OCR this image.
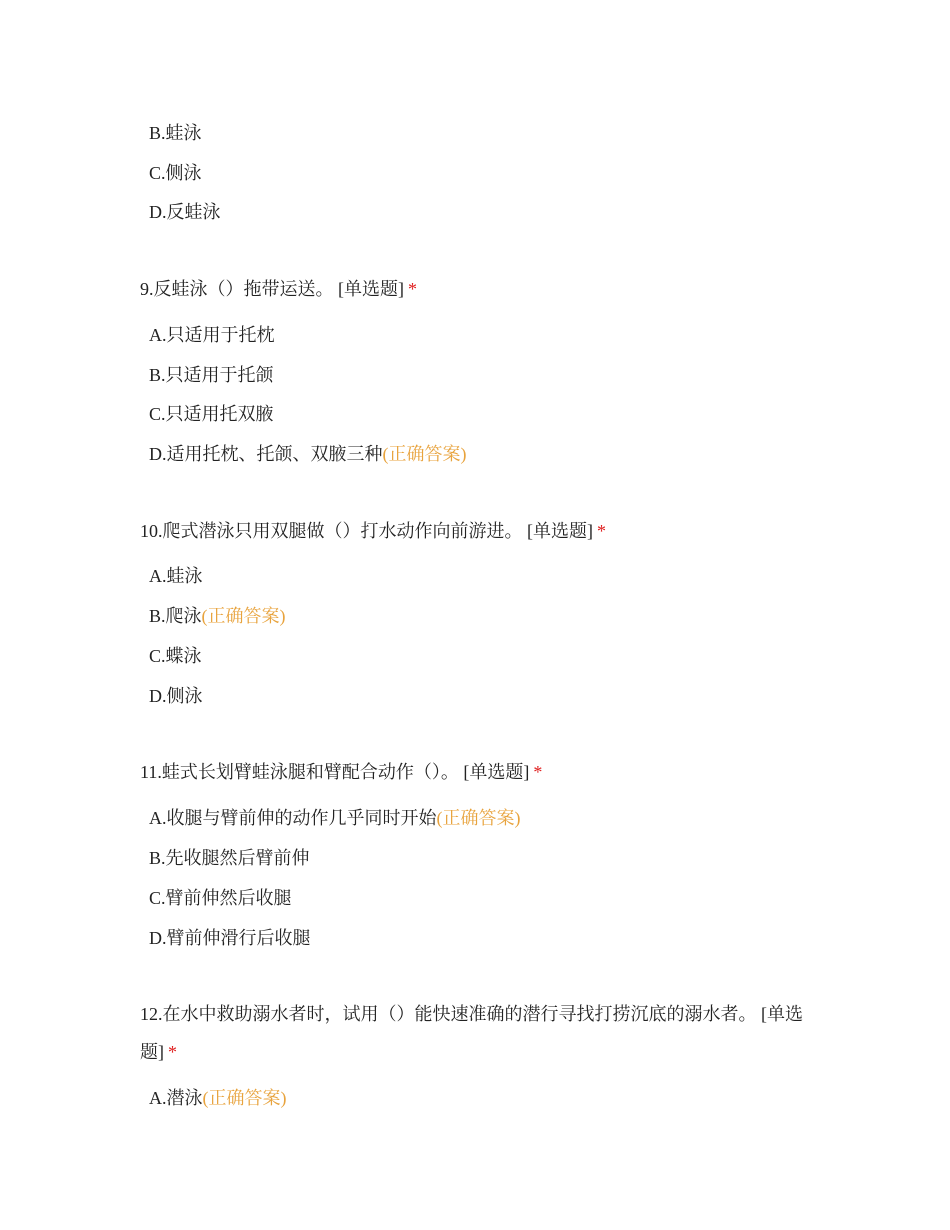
B.蛙泳
C.侧泳
D.反蛙泳
9.反蛙泳（）拖带运送。 [单选题] *
A.只适用于托枕
B.只适用于托颌
C.只适用托双腋
D.适用托枕、托颌、双腋三种(正确答案)
10.爬式潜泳只用双腿做（）打水动作向前游进。 [单选题] *
A.蛙泳
B.爬泳(正确答案)
C.蝶泳
D.侧泳
11.蛙式长划臂蛙泳腿和臂配合动作（）。 [单选题] *
A.收腿与臂前伸的动作几乎同时开始(正确答案)
B.先收腿然后臂前伸
C.臂前伸然后收腿
D.臂前伸滑行后收腿
12.在水中救助溺水者时，试用（）能快速准确的潜行寻找打捞沉底的溺水者。 [单选题] *
A.潜泳(正确答案)
